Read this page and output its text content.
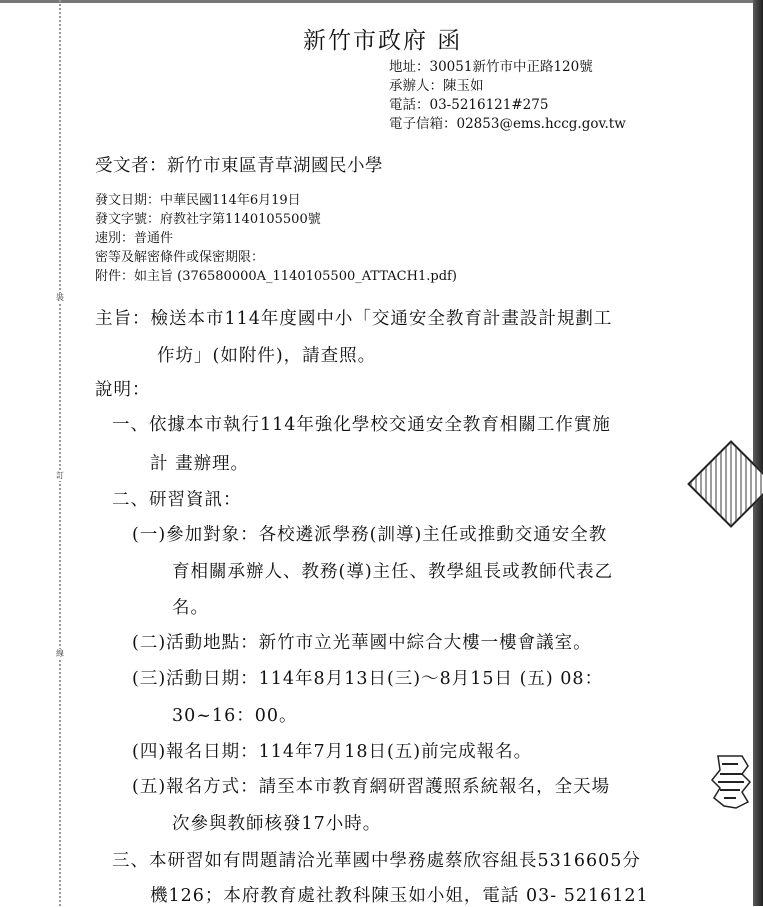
裝
訂
線
新竹市政府 函
地址：30051新竹市中正路120號
承辦人：陳玉如
電話：03-5216121#275
電子信箱：02853@ems.hccg.gov.tw
受文者：新竹市東區青草湖國民小學
發文日期：中華民國114年6月19日
發文字號：府教社字第1140105500號
速別：普通件
密等及解密條件或保密期限：
附件：如主旨 (376580000A_1140105500_ATTACH1.pdf)
主旨：檢送本市114年度國中小「交通安全教育計畫設計規劃工
作坊」(如附件)，請查照。
說明：
一、依據本市執行114年強化學校交通安全教育相關工作實施
計 畫辦理。
二、研習資訊：
(一)參加對象：各校遴派學務(訓導)主任或推動交通安全教
育相關承辦人、教務(導)主任、教學組長或教師代表乙
名。
(二)活動地點：新竹市立光華國中綜合大樓一樓會議室。
(三)活動日期：114年8月13日(三)～8月15日 (五) 08：
30~16：00。
(四)報名日期：114年7月18日(五)前完成報名。
(五)報名方式：請至本市教育網研習護照系統報名，全天場
次參與教師核發17小時。
三、本研習如有問題請洽光華國中學務處蔡欣容組長5316605分
機126；本府教育處社教科陳玉如小姐，電話 03- 5216121
